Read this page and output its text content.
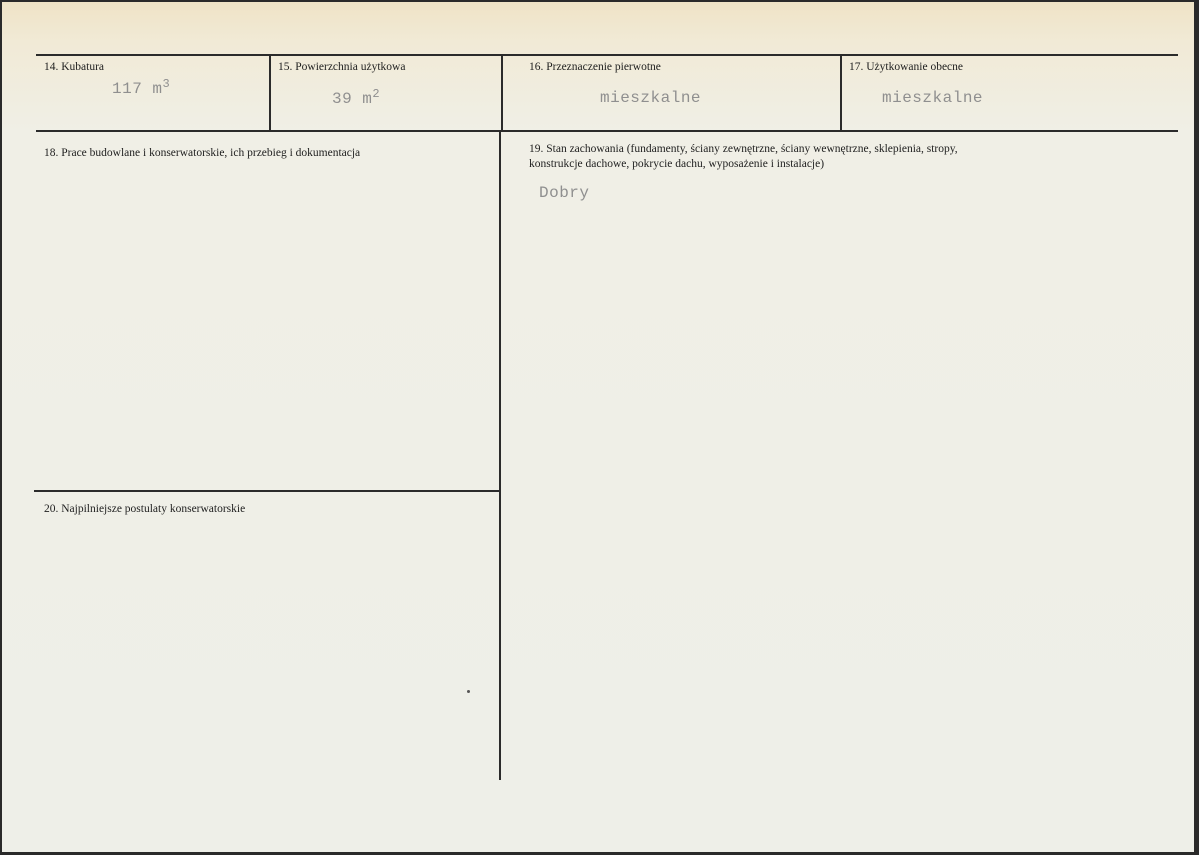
14. Kubatura
117 $m^3$
15. Powierzchnia użytkowa
39 $m^2$
16. Przeznaczenie pierwotne
mieszkalne
17. Użytkowanie obecne
mieszkalne
18. Prace budowlane i konserwatorskie, ich przebieg i dokumentacja	19. Stan zachowania (fundamenty, ściany zewnętrzne, ściany wewnętrzne, sklepienia, stropy,
konstrukcje dachowe, pokrycie dachu, wyposażenie i instalacje)
Dobry
20. Najpilniejsze postulaty konserwatorskie
